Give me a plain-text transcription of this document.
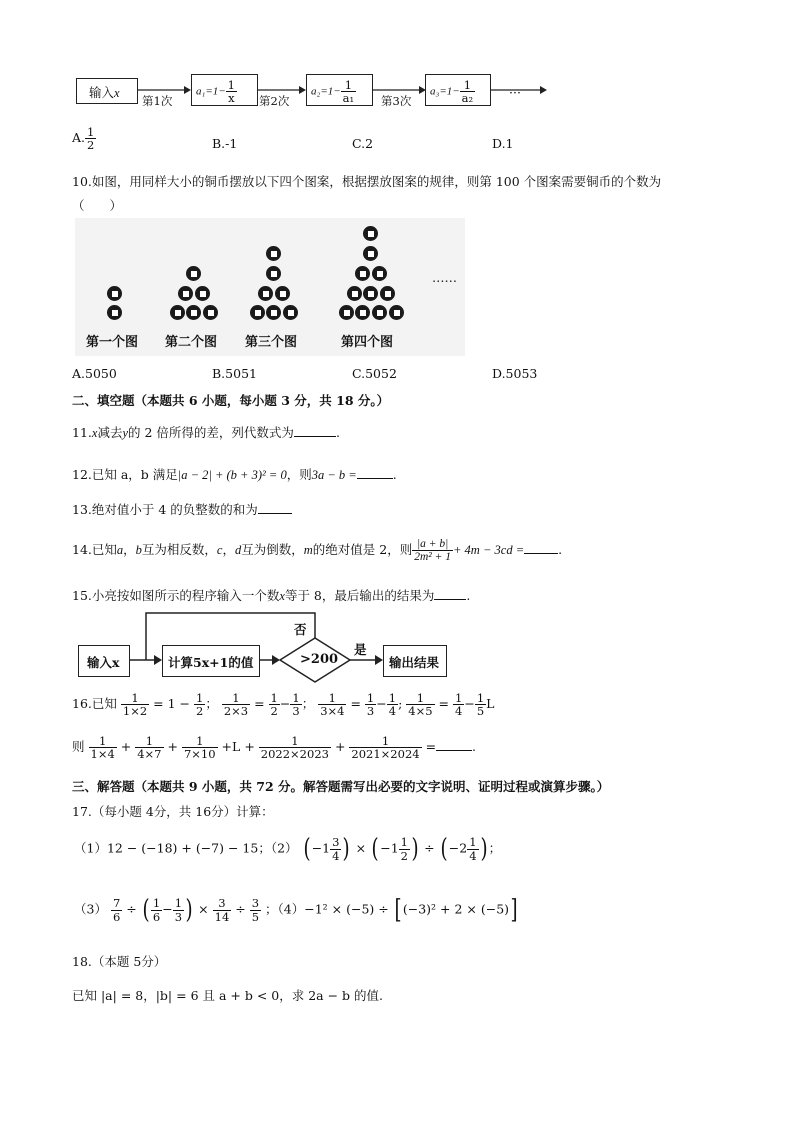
输入x
第1次	第2次	第3次
$a_1=1- \frac{1}{x}$	$a_2=1- \frac{1}{\text{a₁}}$	$a_3=1- \frac{1}{\text{a₂}}$	···
A. $\frac{1}{2}$	B.-1	C.2	D.1
10.如图，用同样大小的铜币摆放以下四个图案，根据摆放图案的规律，则第 100 个图案需要铜币的个数为
（　　）
……
第一个图 第二个图 第三个图	第四个图
A.5050	B.5051	C.5052	D.5053
二、填空题（本题共 6 小题，每小题 3 分，共 18 分。）
11.x减去y的 2 倍所得的差，列代数式为	.
12.已知 a，b 满足|a − 2| + (b + 3)² = 0，则3a − b =	.
13.绝对值小于 4 的负整数的和为
14.已知a，b互为相反数，c，d互为倒数，m的绝对值是 2，则 $\frac{|a + b|}{\text{2m² + 1}} + 4m - 3cd$ =	.
15.小亮按如图所示的程序输入一个数x等于 8，最后输出的结果为	.
输入x	计算5x+1的值	>200
否
是
输出结果
16.已知 $\frac{1}{1\times 2} = 1 - \frac{1}{2}$ ； $\frac{1}{2\times 3} = \frac{1}{2} - \frac{1}{3}$ ； $\frac{1}{3\times 4} = \frac{1}{3} - \frac{1}{4}$ ; $\frac{1}{4\times 5} = \frac{1}{4} - \frac{1}{5}$ L
则 $\frac{1}{1\times 4} + \frac{1}{4\times 7} + \frac{1}{7\times 10} +L + \frac{1}{2022\times 2023} + \frac{1}{2021\times 2024}$ =	.
三、解答题（本题共 9 小题，共 72 分。解答题需写出必要的文字说明、证明过程或演算步骤。）
17.（每小题 4分，共 16分）计算：
（1）12 − (−18) + (−7) − 15；（2） ( $-1 \frac{3}{4}$ ) × ( $-1 \frac{1}{2}$ ) ÷ ( $-2 \frac{1}{4}$ ) ；
$(3) \frac{7}{6}$ ÷ ( $\frac{1}{6} - \frac{1}{3}$ ) × $\frac{3}{14} \div \frac{3}{5}$ ；（4）−1² × (−5) ÷ [ (−3)² + 2 × (−5)]
18.（本题 5分）
已知 |a| = 8，|b| = 6 且 a + b < 0，求 2a − b 的值.
